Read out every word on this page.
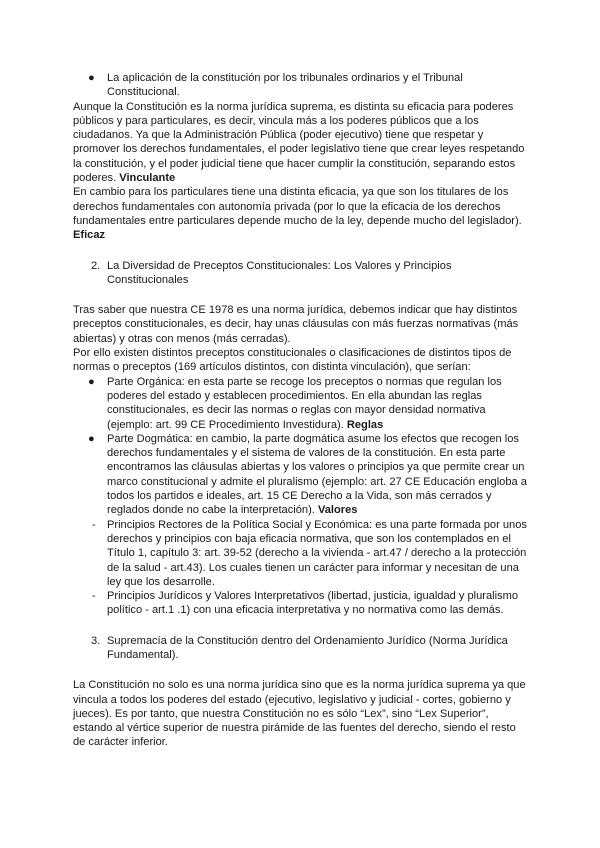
● La aplicación de la constitución por los tribunales ordinarios y el Tribunal Constitucional.

Aunque la Constitución es la norma jurídica suprema, es distinta su eficacia para poderes públicos y para particulares, es decir, vincula más a los poderes públicos que a los ciudadanos. Ya que la Administración Pública (poder ejecutivo) tiene que respetar y promover los derechos fundamentales, el poder legislativo tiene que crear leyes respetando la constitución, y el poder judicial tiene que hacer cumplir la constitución, separando estos poderes. Vinculante

En cambio para los particulares tiene una distinta eficacia, ya que son los titulares de los derechos fundamentales con autonomía privada (por lo que la eficacia de los derechos fundamentales entre particulares depende mucho de la ley, depende mucho del legislador). Eficaz

2. La Diversidad de Preceptos Constitucionales: Los Valores y Principios Constitucionales

Tras saber que nuestra CE 1978 es una norma jurídica, debemos indicar que hay distintos preceptos constitucionales, es decir, hay unas cláusulas con más fuerzas normativas (más abiertas) y otras con menos (más cerradas).

Por ello existen distintos preceptos constitucionales o clasificaciones de distintos tipos de normas o preceptos (169 artículos distintos, con distinta vinculación), que serían:

● Parte Orgánica: en esta parte se recoge los preceptos o normas que regulan los poderes del estado y establecen procedimientos. En ella abundan las reglas constitucionales, es decir las normas o reglas con mayor densidad normativa (ejemplo: art. 99 CE Procedimiento Investidura). Reglas

● Parte Dogmática: en cambio, la parte dogmática asume los efectos que recogen los derechos fundamentales y el sistema de valores de la constitución. En esta parte encontramos las cláusulas abiertas y los valores o principios ya que permite crear un marco constitucional y admite el pluralismo (ejemplo: art. 27 CE Educación engloba a todos los partidos e ideales, art. 15 CE Derecho a la Vida, son más cerrados y reglados donde no cabe la interpretación). Valores

- Principios Rectores de la Política Social y Económica: es una parte formada por unos derechos y principios con baja eficacia normativa, que son los contemplados en el Título 1, capítulo 3: art. 39-52 (derecho a la vivienda - art.47 / derecho a la protección de la salud - art.43). Los cuales tienen un carácter para informar y necesitan de una ley que los desarrolle.

- Principios Jurídicos y Valores Interpretativos (libertad, justicia, igualdad y pluralismo político - art.1 .1) con una eficacia interpretativa y no normativa como las demás.

3. Supremacía de la Constitución dentro del Ordenamiento Jurídico (Norma Jurídica Fundamental).

La Constitución no solo es una norma jurídica sino que es la norma jurídica suprema ya que vincula a todos los poderes del estado (ejecutivo, legislativo y judicial - cortes, gobierno y jueces). Es por tanto, que nuestra Constitución no es sólo “Lex”, sino “Lex Superior”, estando al vértice superior de nuestra pirámide de las fuentes del derecho, siendo el resto de carácter inferior.
